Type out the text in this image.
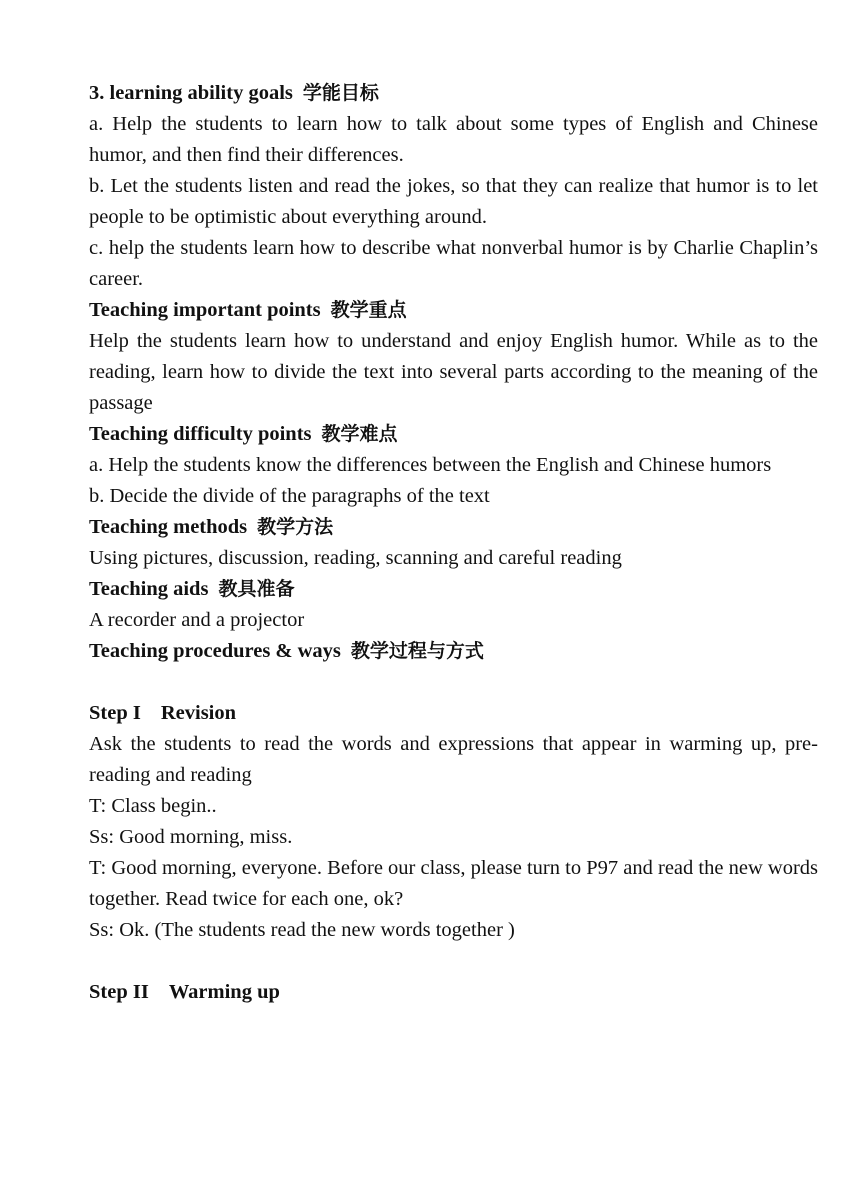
3. learning ability goals 学能目标

a. Help the students to learn how to talk about some types of English and Chinese humor, and then find their differences.

b. Let the students listen and read the jokes, so that they can realize that humor is to let people to be optimistic about everything around.

c. help the students learn how to describe what nonverbal humor is by Charlie Chaplin’s career.

Teaching important points 教学重点

Help the students learn how to understand and enjoy English humor. While as to the reading, learn how to divide the text into several parts according to the meaning of the passage

Teaching difficulty points 教学难点

a. Help the students know the differences between the English and Chinese humors

b. Decide the divide of the paragraphs of the text

Teaching methods 教学方法

Using pictures, discussion, reading, scanning and careful reading

Teaching aids 教具准备

A recorder and a projector

Teaching procedures & ways 教学过程与方式
Step I Revision

Ask the students to read the words and expressions that appear in warming up, pre-reading and reading

T: Class begin..

Ss: Good morning, miss.

T: Good morning, everyone. Before our class, please turn to P97 and read the new words together. Read twice for each one, ok?

Ss: Ok. (The students read the new words together )

Step II Warming up
